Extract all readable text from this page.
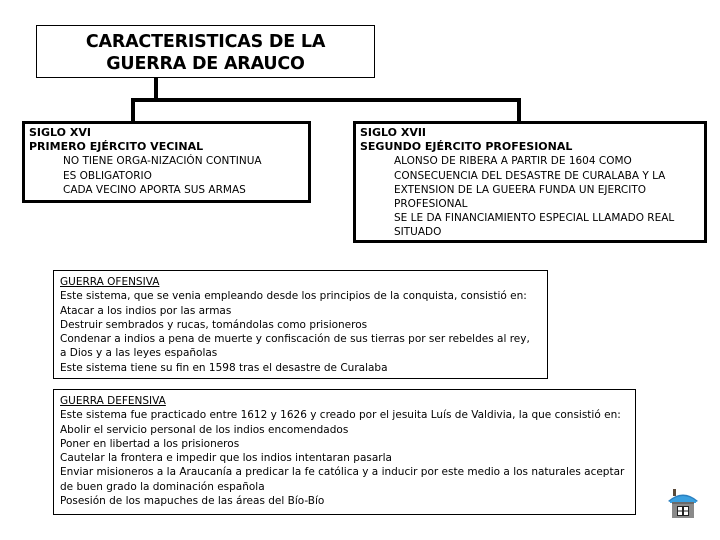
CARACTERISTICAS DE LA
GUERRA DE ARAUCO
SIGLO XVI
PRIMERO EJÉRCITO VECINAL
NO TIENE ORGA-NIZACIÓN CONTINUA
ES OBLIGATORIO
CADA VECINO APORTA SUS ARMAS
SIGLO XVII
SEGUNDO EJÉRCITO PROFESIONAL
ALONSO DE RIBERA A PARTIR DE 1604 COMO
CONSECUENCIA DEL DESASTRE DE CURALABA Y LA
EXTENSION DE LA GUEERA FUNDA UN EJERCITO
PROFESIONAL
SE LE DA FINANCIAMIENTO ESPECIAL LLAMADO REAL
SITUADO
GUERRA OFENSIVA
Este sistema, que se venia empleando desde los principios de la conquista, consistió en:
Atacar a los indios por las armas
Destruir sembrados y rucas, tomándolas como prisioneros
Condenar a indios a pena de muerte y confiscación de sus tierras por ser rebeldes al rey,
a Dios y a las leyes españolas
Este sistema tiene su fin en 1598 tras el desastre de Curalaba
GUERRA DEFENSIVA
Este sistema fue practicado entre 1612 y 1626 y creado por el jesuita Luís de Valdivia, la que consistió en:
Abolir el servicio personal de los indios encomendados
Poner en libertad a los prisioneros
Cautelar la frontera e impedir que los indios intentaran pasarla
Enviar misioneros a la Araucanía a predicar la fe católica y a inducir por este medio a los naturales aceptar
de buen grado la dominación española
Posesión de los mapuches de las áreas del Bío-Bío
